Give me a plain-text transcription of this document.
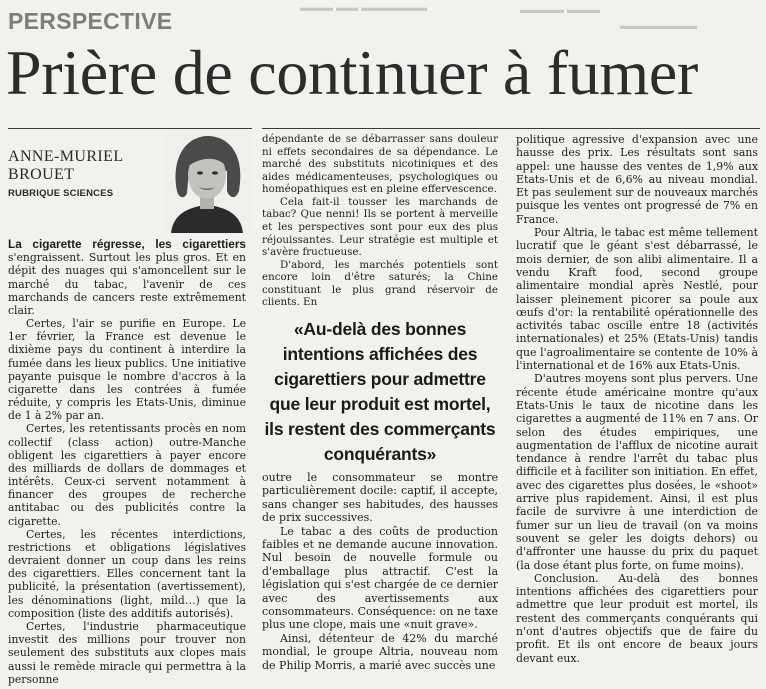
▬▬▬ ▬▬ ▬▬▬▬▬▬	▬▬▬▬ ▬▬▬
▬▬▬▬▬▬▬
PERSPECTIVE
Prière de continuer à fumer
ANNE-MURIEL
BROUET
RUBRIQUE SCIENCES

La cigarette régresse, les cigarettiers s'engraissent. Surtout les plus gros. Et en dépit des nuages qui s'amoncellent sur le marché du tabac, l'avenir de ces marchands de cancers reste extrêmement clair.

Certes, l'air se purifie en Europe. Le 1er février, la France est devenue le dixième pays du continent à interdire la fumée dans les lieux publics. Une initiative payante puisque le nombre d'accros à la cigarette dans les contrées à fumée réduite, y compris les Etats-Unis, diminue de 1 à 2% par an.

Certes, les retentissants procès en nom collectif (class action) outre-Manche obligent les cigarettiers à payer encore des milliards de dollars de dommages et intérêts. Ceux-ci servent notamment à financer des groupes de recherche antitabac ou des publicités contre la cigarette.

Certes, les récentes interdictions, restrictions et obligations législatives devraient donner un coup dans les reins des cigarettiers. Elles concernent tant la publicité, la présentation (avertissement), les dénominations (light, mild…) que la composition (liste des additifs autorisés).

Certes, l'industrie pharmaceutique investit des millions pour trouver non seulement des substituts aux clopes mais aussi le remède miracle qui permettra à la personne

dépendante de se débarrasser sans douleur ni effets secondaires de sa dépendance. Le marché des substituts nicotiniques et des aides médicamenteuses, psychologiques ou homéopathiques est en pleine effervescence.

Cela fait-il tousser les marchands de tabac? Que nenni! Ils se portent à merveille et les perspectives sont pour eux des plus réjouissantes. Leur stratégie est multiple et s'avère fructueuse.

D'abord, les marchés potentiels sont encore loin d'être saturés; la Chine constituant le plus grand réservoir de clients. En

«Au-delà des bonnes intentions affichées des cigarettiers pour admettre que leur produit est mortel, ils restent des commerçants conquérants»

outre le consommateur se montre particulièrement docile: captif, il accepte, sans changer ses habitudes, des hausses de prix successives.

Le tabac a des coûts de production faibles et ne demande aucune innovation. Nul besoin de nouvelle formule ou d'emballage plus attractif. C'est la législation qui s'est chargée de ce dernier avec des avertissements aux consommateurs. Conséquence: on ne taxe plus une clope, mais une «nuit grave».

Ainsi, détenteur de 42% du marché mondial, le groupe Altria, nouveau nom de Philip Morris, a marié avec succès une

politique agressive d'expansion avec une hausse des prix. Les résultats sont sans appel: une hausse des ventes de 1,9% aux Etats-Unis et de 6,6% au niveau mondial. Et pas seulement sur de nouveaux marchés puisque les ventes ont progressé de 7% en France.

Pour Altria, le tabac est même tellement lucratif que le géant s'est débarrassé, le mois dernier, de son alibi alimentaire. Il a vendu Kraft food, second groupe alimentaire mondial après Nestlé, pour laisser pleinement picorer sa poule aux œufs d'or: la rentabilité opérationnelle des activités tabac oscille entre 18 (activités internationales) et 25% (Etats-Unis) tandis que l'agroalimentaire se contente de 10% à l'international et de 16% aux Etats-Unis.

D'autres moyens sont plus pervers. Une récente étude américaine montre qu'aux Etats-Unis le taux de nicotine dans les cigarettes a augmenté de 11% en 7 ans. Or selon des études empiriques, une augmentation de l'afflux de nicotine aurait tendance à rendre l'arrêt du tabac plus difficile et à faciliter son initiation. En effet, avec des cigarettes plus dosées, le «shoot» arrive plus rapidement. Ainsi, il est plus facile de survivre à une interdiction de fumer sur un lieu de travail (on va moins souvent se geler les doigts dehors) ou d'affronter une hausse du prix du paquet (la dose étant plus forte, on fume moins).

Conclusion. Au-delà des bonnes intentions affichées des cigarettiers pour admettre que leur produit est mortel, ils restent des commerçants conquérants qui n'ont d'autres objectifs que de faire du profit. Et ils ont encore de beaux jours devant eux.
